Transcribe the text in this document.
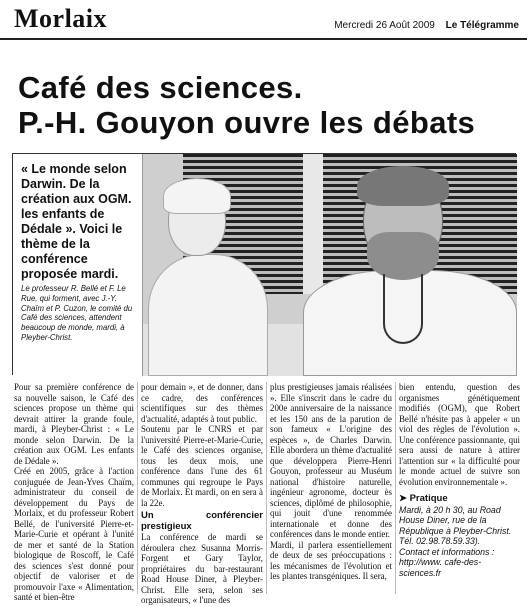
Morlaix	Mercredi 26 Août 2009 Le Télégramme
Café des sciences.
P.-H. Gouyon ouvre les débats
« Le monde selon Darwin. De la création aux OGM. les enfants de Dédale ». Voici le thème de la conférence proposée mardi.
Le professeur R. Bellé et F. Le Rue, qui forment, avec J.-Y. Chaïm et P. Cuzon, le comité du Café des sciences, attendent beaucoup de monde, mardi, à Pleyber-Christ.

Pour sa première conférence de sa nouvelle saison, le Café des sciences propose un thème qui devrait attirer la grande foule, mardi, à Pleyber-Christ : « Le monde selon Darwin. De la création aux OGM. Les enfants de Dédale ».

Créé en 2005, grâce à l'action conjuguée de Jean-Yves Chaïm, administrateur du conseil de développement du Pays de Morlaix, et du professeur Robert Bellé, de l'université Pierre-et-Marie-Curie et opérant à l'unité de mer et santé de la Station biologique de Roscoff, le Café des sciences s'est donné pour objectif de valoriser et de promouvoir l'axe « Alimentation, santé et bien-être

pour demain », et de donner, dans ce cadre, des conférences scientifiques sur des thèmes d'actualité, adaptés à tout public.

Soutenu par le CNRS et par l'université Pierre-et-Marie-Curie, le Café des sciences organise, tous les deux mois, une conférence dans l'une des 61 communes qui regroupe le Pays de Morlaix. Et mardi, on en sera à la 22e.

Un conférencier prestigieux

La conférence de mardi se déroulera chez Susanna Morris-Forgent et Gary Taylor, propriétaires du bar-restaurant Road House Diner, à Pleyber-Christ. Elle sera, selon ses organisateurs, « l'une des

plus prestigieuses jamais réalisées ». Elle s'inscrit dans le cadre du 200e anniversaire de la naissance et les 150 ans de la parution de son fameux « L'origine des espèces », de Charles Darwin. Elle abordera un thème d'actualité que développera Pierre-Henri Gouyon, professeur au Muséum national d'histoire naturelle, ingénieur agronome, docteur ès sciences, diplômé de philosophie, qui jouit d'une renommée internationale et donne des conférences dans le monde entier.

Mardi, il parlera essentiellement de deux de ses préoccupations : les mécanismes de l'évolution et les plantes transgéniques. Il sera,

bien entendu, question des organismes génétiquement modifiés (OGM), que Robert Bellé n'hésite pas à appeler « un viol des règles de l'évolution ». Une conférence passionnante, qui sera aussi de nature à attirer l'attention sur « la difficulté pour le monde actuel de suivre son évolution environnementale ».

➤ Pratique
Mardi, à 20 h 30, au Road House Diner, rue de la République à Pleyber-Christ.
Tél. 02.98.78.59.33).
Contact et informations : http://www. cafe-des-sciences.fr
